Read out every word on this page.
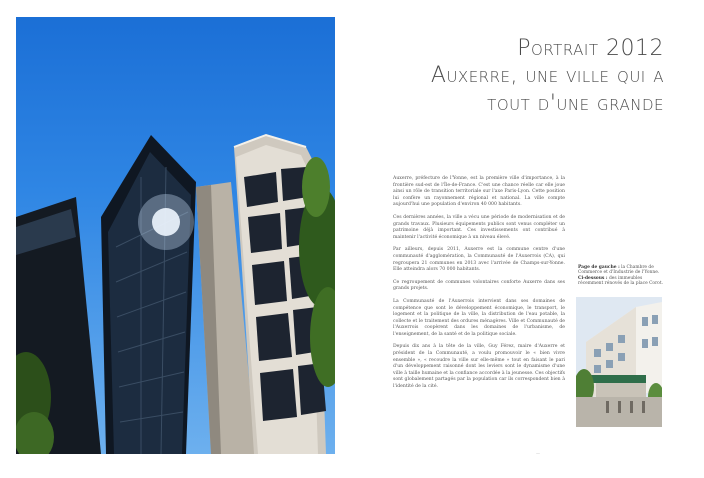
Portrait 2012
Auxerre, une ville qui a
tout d'une grande

Auxerre, préfecture de l'Yonne, est la première ville d'importance, à la frontière sud-est de l'Île-de-France. C'est une chance réelle car elle joue ainsi un rôle de transition territoriale sur l'axe Paris-Lyon. Cette position lui confère un rayonnement régional et national. La ville compte aujourd'hui une population d'environ 40 000 habitants.

Ces dernières années, la ville a vécu une période de modernisation et de grands travaux. Plusieurs équipements publics sont venus compléter un patrimoine déjà important. Ces investissements ont contribué à maintenir l'activité économique à un niveau élevé.

Par ailleurs, depuis 2011, Auxerre est la commune centre d'une communauté d'agglomération, la Communauté de l'Auxerrois (CA), qui regroupera 21 communes en 2013 avec l'arrivée de Champs-sur-Yonne. Elle atteindra alors 70 000 habitants.

Ce regroupement de communes volontaires conforte Auxerre dans ses grands projets.

La Communauté de l'Auxerrois intervient dans ses domaines de compétence que sont le développement économique, le transport, le logement et la politique de la ville, la distribution de l'eau potable, la collecte et le traitement des ordures ménagères. Ville et Communauté de l'Auxerrois coopèrent dans les domaines de l'urbanisme, de l'enseignement, de la santé et de la politique sociale.

Depuis dix ans à la tête de la ville, Guy Férez, maire d'Auxerre et président de la Communauté, a voulu promouvoir le « bien vivre ensemble », « recoudre la ville sur elle-même » tout en faisant le pari d'un développement raisonné dont les leviers sont le dynamisme d'une ville à taille humaine et la confiance accordée à la jeunesse. Ces objectifs sont globalement partagés par la population car ils correspondent bien à l'identité de la cité.

Page de gauche : la Chambre de Commerce et d'Industrie de l'Yonne. Ci-dessous : des immeubles récemment rénovés de la place Corot.
—
